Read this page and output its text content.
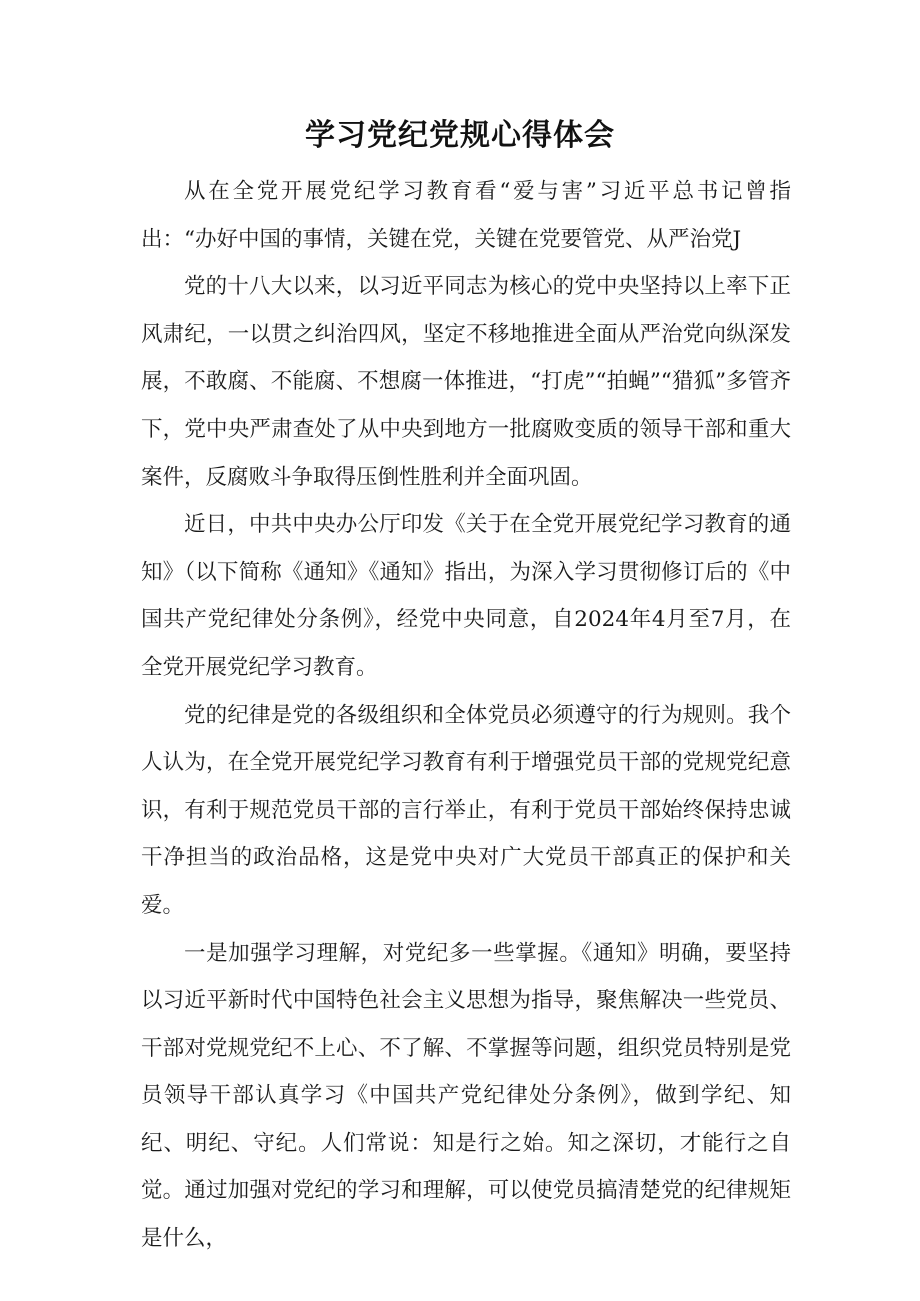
学习党纪党规心得体会

从在全党开展党纪学习教育看“爱与害”习近平总书记曾指出：“办好中国的事情，关键在党，关键在党要管党、从严治党J

党的十八大以来，以习近平同志为核心的党中央坚持以上率下正风肃纪，一以贯之纠治四风，坚定不移地推进全面从严治党向纵深发展，不敢腐、不能腐、不想腐一体推进，“打虎”“拍蝇”“猎狐”多管齐下，党中央严肃查处了从中央到地方一批腐败变质的领导干部和重大案件，反腐败斗争取得压倒性胜利并全面巩固。

近日，中共中央办公厅印发《关于在全党开展党纪学习教育的通知》（以下简称《通知》《通知》指出，为深入学习贯彻修订后的《中国共产党纪律处分条例》，经党中央同意，自2024年4月至7月，在全党开展党纪学习教育。

党的纪律是党的各级组织和全体党员必须遵守的行为规则。我个人认为，在全党开展党纪学习教育有利于增强党员干部的党规党纪意识，有利于规范党员干部的言行举止，有利于党员干部始终保持忠诚干净担当的政治品格，这是党中央对广大党员干部真正的保护和关爱。

一是加强学习理解，对党纪多一些掌握。《通知》明确，要坚持以习近平新时代中国特色社会主义思想为指导，聚焦解决一些党员、干部对党规党纪不上心、不了解、不掌握等问题，组织党员特别是党员领导干部认真学习《中国共产党纪律处分条例》，做到学纪、知纪、明纪、守纪。人们常说：知是行之始。知之深切，才能行之自觉。通过加强对党纪的学习和理解，可以使党员搞清楚党的纪律规矩是什么，
